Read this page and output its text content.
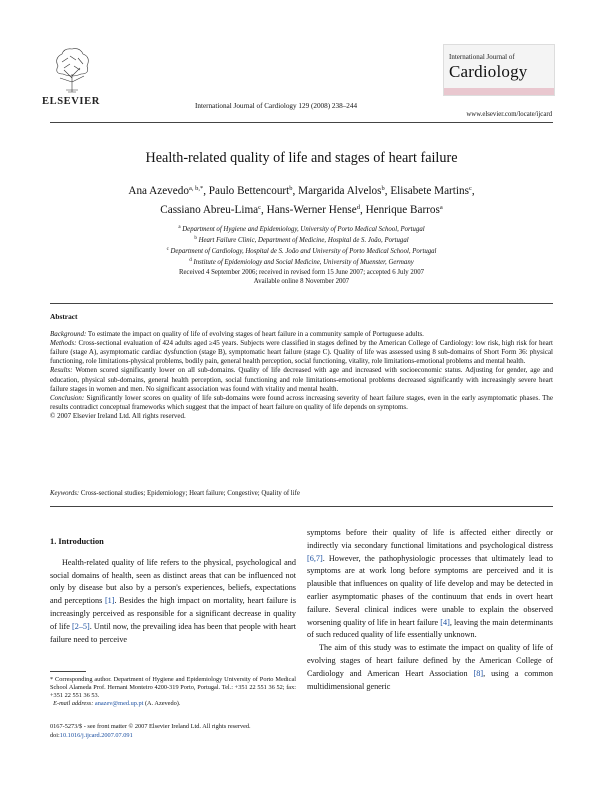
ELSEVIER	International Journal of Cardiology 129 (2008) 238–244
International Journal of
Cardiology
www.elsevier.com/locate/ijcard
Health-related quality of life and stages of heart failure
Ana Azevedo$^{a, b,*}$, Paulo Bettencourt$^b$, Margarida Alvelos$^b$, Elisabete Martins$^c$,
Cassiano Abreu-Lima$^c$, Hans-Werner Hense$^d$, Henrique Barros$^a$
$^a$ Department of Hygiene and Epidemiology, University of Porto Medical School, Portugal
$^b$ Heart Failure Clinic, Department of Medicine, Hospital de S. João, Portugal
$^c$ Department of Cardiology, Hospital de S. João and University of Porto Medical School, Portugal
$^d$ Institute of Epidemiology and Social Medicine, University of Muenster, Germany
Received 4 September 2006; received in revised form 15 June 2007; accepted 6 July 2007
Available online 8 November 2007
Abstract

Background: To estimate the impact on quality of life of evolving stages of heart failure in a community sample of Portuguese adults.

Methods: Cross-sectional evaluation of 424 adults aged ≥45 years. Subjects were classified in stages defined by the American College of Cardiology: low risk, high risk for heart failure (stage A), asymptomatic cardiac dysfunction (stage B), symptomatic heart failure (stage C). Quality of life was assessed using 8 sub-domains of Short Form 36: physical functioning, role limitations-physical problems, bodily pain, general health perception, social functioning, vitality, role limitations-emotional problems and mental health.

Results: Women scored significantly lower on all sub-domains. Quality of life decreased with age and increased with socioeconomic status. Adjusting for gender, age and education, physical sub-domains, general health perception, social functioning and role limitations-emotional problems decreased significantly with increasingly severe heart failure stages in women and men. No significant association was found with vitality and mental health.

Conclusion: Significantly lower scores on quality of life sub-domains were found across increasing severity of heart failure stages, even in the early asymptomatic phases. The results contradict conceptual frameworks which suggest that the impact of heart failure on quality of life depends on symptoms.

© 2007 Elsevier Ireland Ltd. All rights reserved.

Keywords: Cross-sectional studies; Epidemiology; Heart failure; Congestive; Quality of life
1. Introduction

Health-related quality of life refers to the physical, psychological and social domains of health, seen as distinct areas that can be influenced not only by disease but also by a person's experiences, beliefs, expectations and perceptions [1]. Besides the high impact on mortality, heart failure is increasingly perceived as responsible for a significant decrease in quality of life [2–5]. Until now, the prevailing idea has been that people with heart failure need to perceive

* Corresponding author. Department of Hygiene and Epidemiology University of Porto Medical School Alameda Prof. Hernani Monteiro 4200-319 Porto, Portugal. Tel.: +351 22 551 36 52; fax: +351 22 551 36 53.
E-mail address: anazev@med.up.pt (A. Azevedo).
0167-5273/$ - see front matter © 2007 Elsevier Ireland Ltd. All rights reserved.
doi:10.1016/j.ijcard.2007.07.091

symptoms before their quality of life is affected either directly or indirectly via secondary functional limitations and psychological distress [6,7]. However, the pathophysiologic processes that ultimately lead to symptoms are at work long before symptoms are perceived and it is plausible that influences on quality of life develop and may be detected in earlier asymptomatic phases of the continuum that ends in overt heart failure. Several clinical indices were unable to explain the observed worsening quality of life in heart failure [4], leaving the main determinants of such reduced quality of life essentially unknown.

The aim of this study was to estimate the impact on quality of life of evolving stages of heart failure defined by the American College of Cardiology and American Heart Association [8], using a common multidimensional generic
